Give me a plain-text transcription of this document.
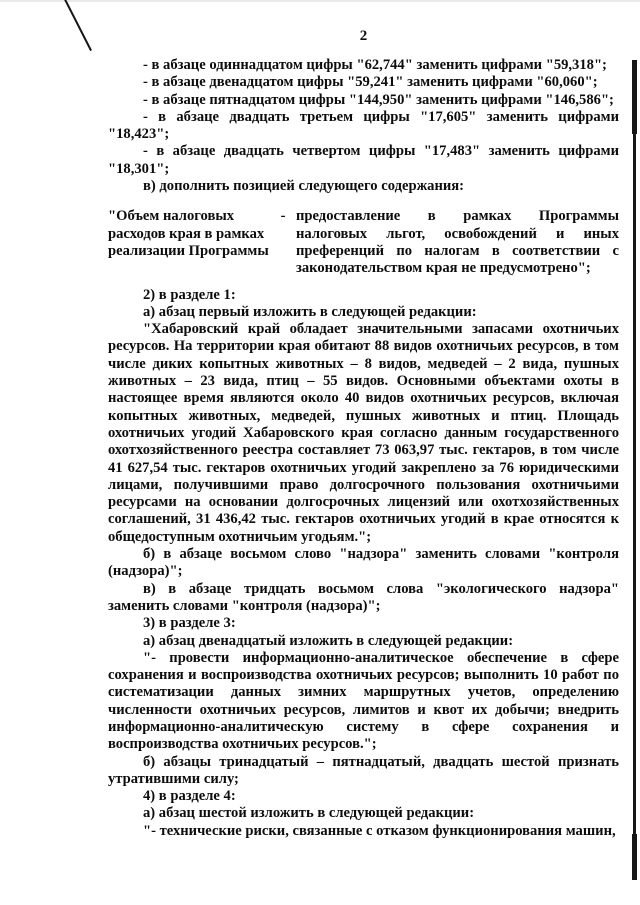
2

- в абзаце одиннадцатом цифры "62,744" заменить цифрами "59,318";

- в абзаце двенадцатом цифры "59,241" заменить цифрами "60,060";

- в абзаце пятнадцатом цифры "144,950" заменить цифрами "146,586";

- в абзаце двадцать третьем цифры "17,605" заменить цифрами "18,423";

- в абзаце двадцать четвертом цифры "17,483" заменить цифрами "18,301";

в) дополнить позицией следующего содержания:

"Объем налоговых расходов края в рамках реализации Программы
- предоставление в рамках Программы налоговых льгот, освобождений и иных преференций по налогам в соответствии с законодательством края не предусмотрено";

2) в разделе 1:

а) абзац первый изложить в следующей редакции:

"Хабаровский край обладает значительными запасами охотничьих ресурсов. На территории края обитают 88 видов охотничьих ресурсов, в том числе диких копытных животных – 8 видов, медведей – 2 вида, пушных животных – 23 вида, птиц – 55 видов. Основными объектами охоты в настоящее время являются около 40 видов охотничьих ресурсов, включая копытных животных, медведей, пушных животных и птиц. Площадь охотничьих угодий Хабаровского края согласно данным государственного охотхозяйственного реестра составляет 73 063,97 тыс. гектаров, в том числе 41 627,54 тыс. гектаров охотничьих угодий закреплено за 76 юридическими лицами, получившими право долгосрочного пользования охотничьими ресурсами на основании долгосрочных лицензий или охотхозяйственных соглашений, 31 436,42 тыс. гектаров охотничьих угодий в крае относятся к общедоступным охотничьим угодьям.";

б) в абзаце восьмом слово "надзора" заменить словами "контроля (надзора)";

в) в абзаце тридцать восьмом слова "экологического надзора" заменить словами "контроля (надзора)";

3) в разделе 3:

а) абзац двенадцатый изложить в следующей редакции:

"- провести информационно-аналитическое обеспечение в сфере сохранения и воспроизводства охотничьих ресурсов; выполнить 10 работ по систематизации данных зимних маршрутных учетов, определению численности охотничьих ресурсов, лимитов и квот их добычи; внедрить информационно-аналитическую систему в сфере сохранения и воспроизводства охотничьих ресурсов.";

б) абзацы тринадцатый – пятнадцатый, двадцать шестой признать утратившими силу;

4) в разделе 4:

а) абзац шестой изложить в следующей редакции:

"- технические риски, связанные с отказом функционирования машин,
